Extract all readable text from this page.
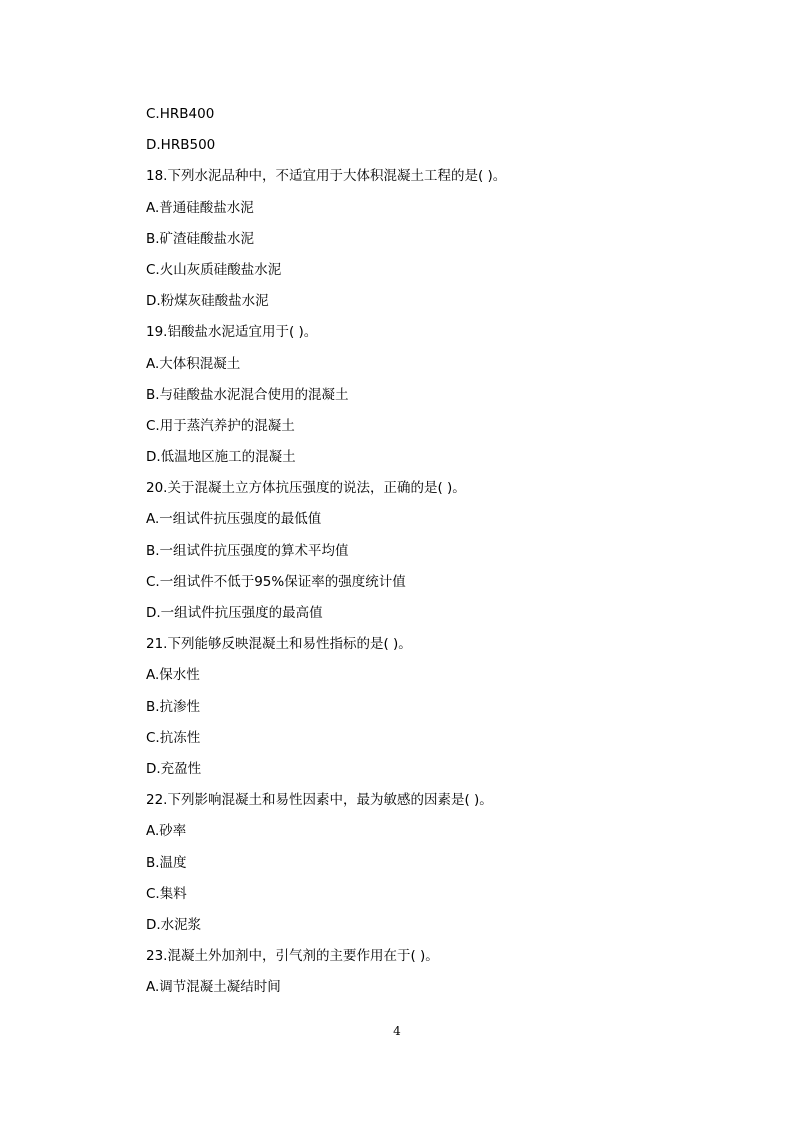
C.HRB400
D.HRB500
18.下列水泥品种中，不适宜用于大体积混凝土工程的是( )。
A.普通硅酸盐水泥
B.矿渣硅酸盐水泥
C.火山灰质硅酸盐水泥
D.粉煤灰硅酸盐水泥
19.铝酸盐水泥适宜用于( )。
A.大体积混凝土
B.与硅酸盐水泥混合使用的混凝土
C.用于蒸汽养护的混凝土
D.低温地区施工的混凝土
20.关于混凝土立方体抗压强度的说法，正确的是( )。
A.一组试件抗压强度的最低值
B.一组试件抗压强度的算术平均值
C.一组试件不低于95%保证率的强度统计值
D.一组试件抗压强度的最高值
21.下列能够反映混凝土和易性指标的是( )。
A.保水性
B.抗渗性
C.抗冻性
D.充盈性
22.下列影响混凝土和易性因素中，最为敏感的因素是( )。
A.砂率
B.温度
C.集料
D.水泥浆
23.混凝土外加剂中，引气剂的主要作用在于( )。
A.调节混凝土凝结时间
4
